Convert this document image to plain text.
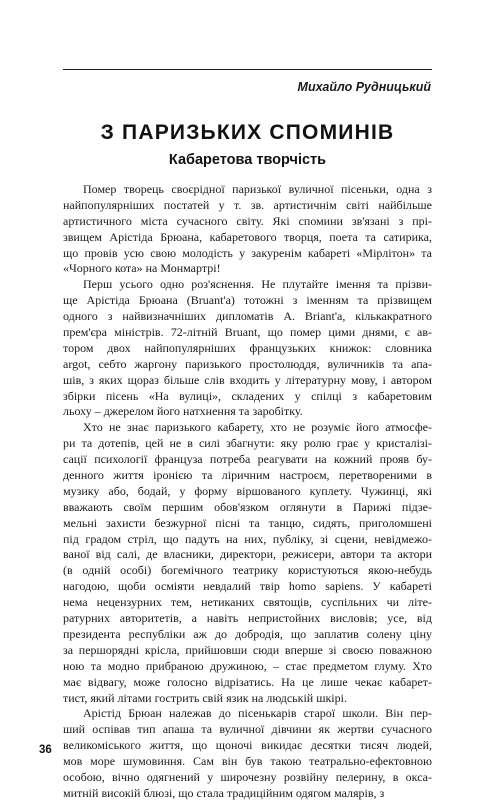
Михайло Рудницький
З ПАРИЗЬКИХ СПОМИНІВ
Кабаретова творчість
Помер творець своєрідної паризької вуличної пісеньки, одна з
найпопулярніших постатей у т. зв. артистичнім світі найбільше
артистичного міста сучасного світу. Які спомини зв'язані з прі-
звищем Арістіда Брюана, кабаретового творця, поета та сатирика,
що провів усю свою молодість у закуренім кабареті «Мірлітон» та
«Чорного кота» на Монмартрі!
Перш усього одно роз'яснення. Не плутайте імення та прізви-
ще Арістіда Брюана (Bruant'а) тотожні з іменням та прізвищем
одного з найвизначніших дипломатів А. Briant'а, кількакратного
прем'єра міністрів. 72-літній Bruant, що помер цими днями, є ав-
тором двох найпопулярніших французьких книжок: словника
argot, себто жаргону паризького простолюддя, вуличників та апа-
шів, з яких щораз більше слів входить у літературну мову, і автором
збірки пісень «На вулиці», складених у спілці з кабаретовим
льоху – джерелом його натхнення та заробітку.
Хто не знає паризького кабарету, хто не розуміє його атмосфе-
ри та дотепів, цей не в силі збагнути: яку ролю грає у кристалізі-
сації психології француза потреба реагувати на кожний прояв бу-
денного життя іронією та ліричним настроєм, перетвореними в
музику або, бодай, у форму віршованого куплету. Чужинці, які
вважають своїм першим обов'язком оглянути в Парижі підзе-
мельні захисти безжурної пісні та танцю, сидять, приголомшені
під градом стріл, що падуть на них, публіку, зі сцени, невідмежо-
ваної від салі, де власники, директори, режисери, автори та актори
(в одній особі) богемічного театрику користуються якою-небудь
нагодою, щоби осміяти невдалий твір homo sapiens. У кабареті
нема нецензурних тем, нетиканих святощів, суспільних чи літе-
ратурних авторитетів, а навіть непристойних висловів; усе, від
президента республіки аж до добродія, що заплатив солену ціну
за першорядні крісла, прийшовши сюди вперше зі своєю поважною
ною та модно прибраною дружиною, – стає предметом глуму. Хто
має відвагу, може голосно відрізатись. На це лише чекає кабарет-
тист, який літами гострить свій язик на людській шкірі.
Арістід Брюан належав до пісенькарів старої школи. Він пер-
ший оспівав тип апаша та вуличної дівчини як жертви сучасного
великоміського життя, що щоночі викидає десятки тисяч людей,
мов море шумовиння. Сам він був такою театрально-ефектовною
особою, вічно одягнений у широчезну розвійну пелерину, в окса-
митній високій блюзі, що стала традиційним одягом малярів, з
36
